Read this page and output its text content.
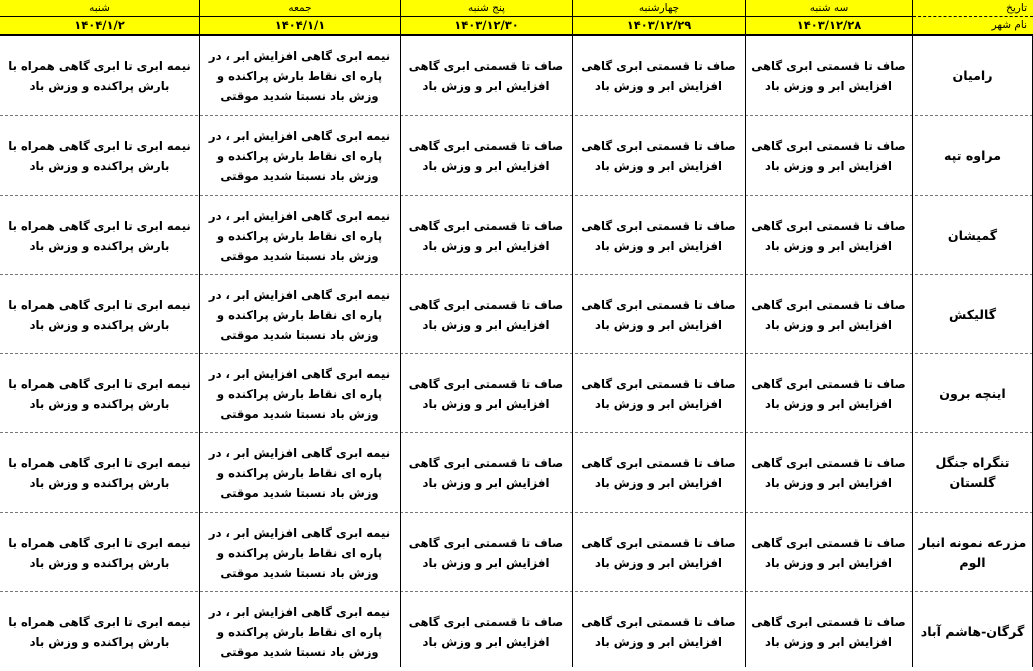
تاریخ
نام شهر
سه شنبه
۱۴۰۳/۱۲/۲۸
چهارشنبه
۱۴۰۳/۱۲/۲۹
پنج شنبه
۱۴۰۳/۱۲/۳۰
جمعه
۱۴۰۴/۱/۱
شنبه
۱۴۰۴/۱/۲
رامیان
صاف تا قسمتی ابری گاهی افزایش ابر و وزش باد
صاف تا قسمتی ابری گاهی افزایش ابر و وزش باد
صاف تا قسمتی ابری گاهی افزایش ابر و وزش باد
نیمه ابری گاهی افزایش ابر ، در پاره ای نقاط بارش پراکنده و وزش باد نسبتا شدید موقتی
نیمه ابری تا ابری گاهی همراه با بارش پراکنده و وزش باد
مراوه تپه
صاف تا قسمتی ابری گاهی افزایش ابر و وزش باد
صاف تا قسمتی ابری گاهی افزایش ابر و وزش باد
صاف تا قسمتی ابری گاهی افزایش ابر و وزش باد
نیمه ابری گاهی افزایش ابر ، در پاره ای نقاط بارش پراکنده و وزش باد نسبتا شدید موقتی
نیمه ابری تا ابری گاهی همراه با بارش پراکنده و وزش باد
گمیشان
صاف تا قسمتی ابری گاهی افزایش ابر و وزش باد
صاف تا قسمتی ابری گاهی افزایش ابر و وزش باد
صاف تا قسمتی ابری گاهی افزایش ابر و وزش باد
نیمه ابری گاهی افزایش ابر ، در پاره ای نقاط بارش پراکنده و وزش باد نسبتا شدید موقتی
نیمه ابری تا ابری گاهی همراه با بارش پراکنده و وزش باد
گالیکش
صاف تا قسمتی ابری گاهی افزایش ابر و وزش باد
صاف تا قسمتی ابری گاهی افزایش ابر و وزش باد
صاف تا قسمتی ابری گاهی افزایش ابر و وزش باد
نیمه ابری گاهی افزایش ابر ، در پاره ای نقاط بارش پراکنده و وزش باد نسبتا شدید موقتی
نیمه ابری تا ابری گاهی همراه با بارش پراکنده و وزش باد
اینچه برون
صاف تا قسمتی ابری گاهی افزایش ابر و وزش باد
صاف تا قسمتی ابری گاهی افزایش ابر و وزش باد
صاف تا قسمتی ابری گاهی افزایش ابر و وزش باد
نیمه ابری گاهی افزایش ابر ، در پاره ای نقاط بارش پراکنده و وزش باد نسبتا شدید موقتی
نیمه ابری تا ابری گاهی همراه با بارش پراکنده و وزش باد
تنگراه جنگل گلستان
صاف تا قسمتی ابری گاهی افزایش ابر و وزش باد
صاف تا قسمتی ابری گاهی افزایش ابر و وزش باد
صاف تا قسمتی ابری گاهی افزایش ابر و وزش باد
نیمه ابری گاهی افزایش ابر ، در پاره ای نقاط بارش پراکنده و وزش باد نسبتا شدید موقتی
نیمه ابری تا ابری گاهی همراه با بارش پراکنده و وزش باد
مزرعه نمونه انبار الوم
صاف تا قسمتی ابری گاهی افزایش ابر و وزش باد
صاف تا قسمتی ابری گاهی افزایش ابر و وزش باد
صاف تا قسمتی ابری گاهی افزایش ابر و وزش باد
نیمه ابری گاهی افزایش ابر ، در پاره ای نقاط بارش پراکنده و وزش باد نسبتا شدید موقتی
نیمه ابری تا ابری گاهی همراه با بارش پراکنده و وزش باد
گرگان-هاشم آباد
صاف تا قسمتی ابری گاهی افزایش ابر و وزش باد
صاف تا قسمتی ابری گاهی افزایش ابر و وزش باد
صاف تا قسمتی ابری گاهی افزایش ابر و وزش باد
نیمه ابری گاهی افزایش ابر ، در پاره ای نقاط بارش پراکنده و وزش باد نسبتا شدید موقتی
نیمه ابری تا ابری گاهی همراه با بارش پراکنده و وزش باد
